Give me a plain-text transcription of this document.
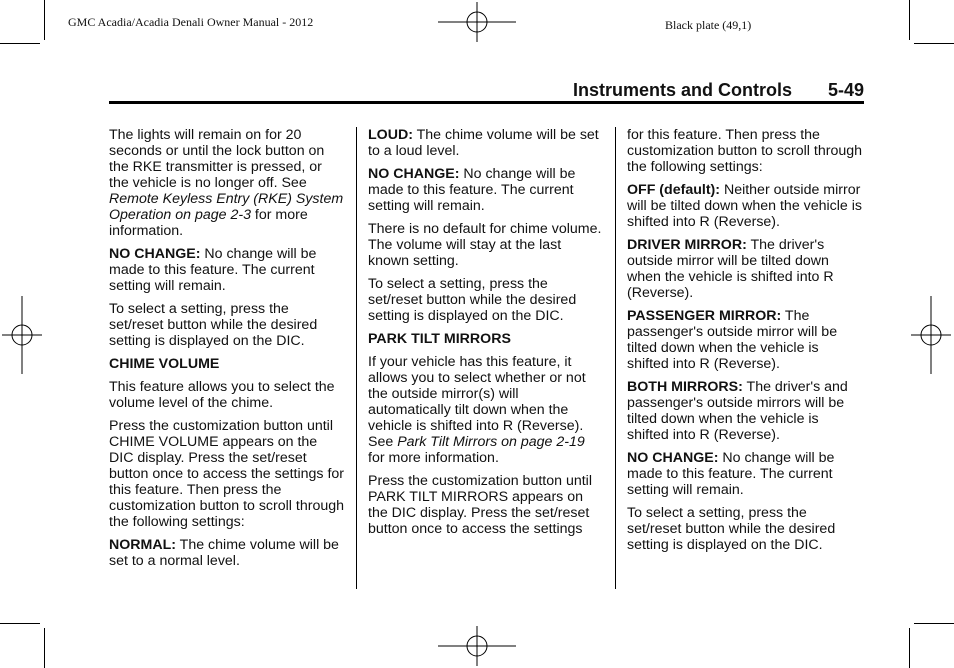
GMC Acadia/Acadia Denali Owner Manual - 2012	Black plate (49,1)
Instruments and Controls 5-49

The lights will remain on for 20 seconds or until the lock button on the RKE transmitter is pressed, or the vehicle is no longer off. See Remote Keyless Entry (RKE) System Operation on page 2-3 for more information.

NO CHANGE: No change will be made to this feature. The current setting will remain.

To select a setting, press the set/reset button while the desired setting is displayed on the DIC.

CHIME VOLUME

This feature allows you to select the volume level of the chime.

Press the customization button until CHIME VOLUME appears on the DIC display. Press the set/reset button once to access the settings for this feature. Then press the customization button to scroll through the following settings:

NORMAL: The chime volume will be set to a normal level.

LOUD: The chime volume will be set to a loud level.

NO CHANGE: No change will be made to this feature. The current setting will remain.

There is no default for chime volume. The volume will stay at the last known setting.

To select a setting, press the set/reset button while the desired setting is displayed on the DIC.

PARK TILT MIRRORS

If your vehicle has this feature, it allows you to select whether or not the outside mirror(s) will automatically tilt down when the vehicle is shifted into R (Reverse). See Park Tilt Mirrors on page 2-19 for more information.

Press the customization button until PARK TILT MIRRORS appears on the DIC display. Press the set/reset button once to access the settings

for this feature. Then press the customization button to scroll through the following settings:

OFF (default): Neither outside mirror will be tilted down when the vehicle is shifted into R (Reverse).

DRIVER MIRROR: The driver's outside mirror will be tilted down when the vehicle is shifted into R (Reverse).

PASSENGER MIRROR: The passenger's outside mirror will be tilted down when the vehicle is shifted into R (Reverse).

BOTH MIRRORS: The driver's and passenger's outside mirrors will be tilted down when the vehicle is shifted into R (Reverse).

NO CHANGE: No change will be made to this feature. The current setting will remain.

To select a setting, press the set/reset button while the desired setting is displayed on the DIC.
